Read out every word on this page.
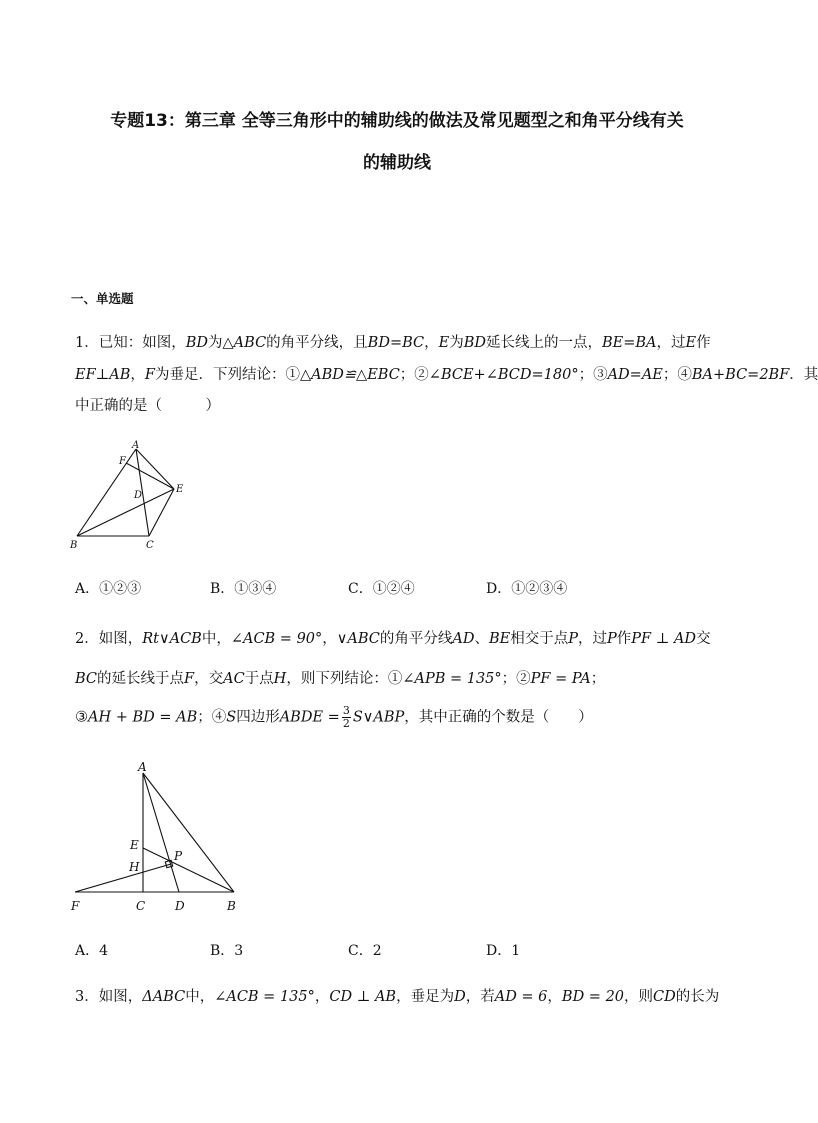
专题13：第三章 全等三角形中的辅助线的做法及常见题型之和角平分线有关
的辅助线
一、单选题
1．已知：如图，BD为△ABC的角平分线，且BD=BC，E为BD延长线上的一点，BE=BA，过E作
EF⊥AB，F为垂足．下列结论：①△ABD≌△EBC；②∠BCE+∠BCD=180°；③AD=AE；④BA+BC=2BF．其
中正确的是（　　　）
A
F
D
E
B	C
A．①②③	B．①③④	C．①②④	D．①②③④
2．如图，Rt∨ACB中，∠ACB = 90°，∨ABC的角平分线AD、BE相交于点P，过P作PF ⊥ AD交
BC的延长线于点F，交AC于点H，则下列结论：①∠APB = 135°；②PF = PA；
③AH + BD = AB；④S四边形ABDE = $\frac{3}{2}$ S∨ABP，其中正确的个数是（　　）
A
E
H
P
F	C D	B
A．4	B．3	C．2	D．1
3．如图，ΔABC中，∠ACB = 135°，CD ⊥ AB，垂足为D，若AD = 6，BD = 20，则CD的长为
